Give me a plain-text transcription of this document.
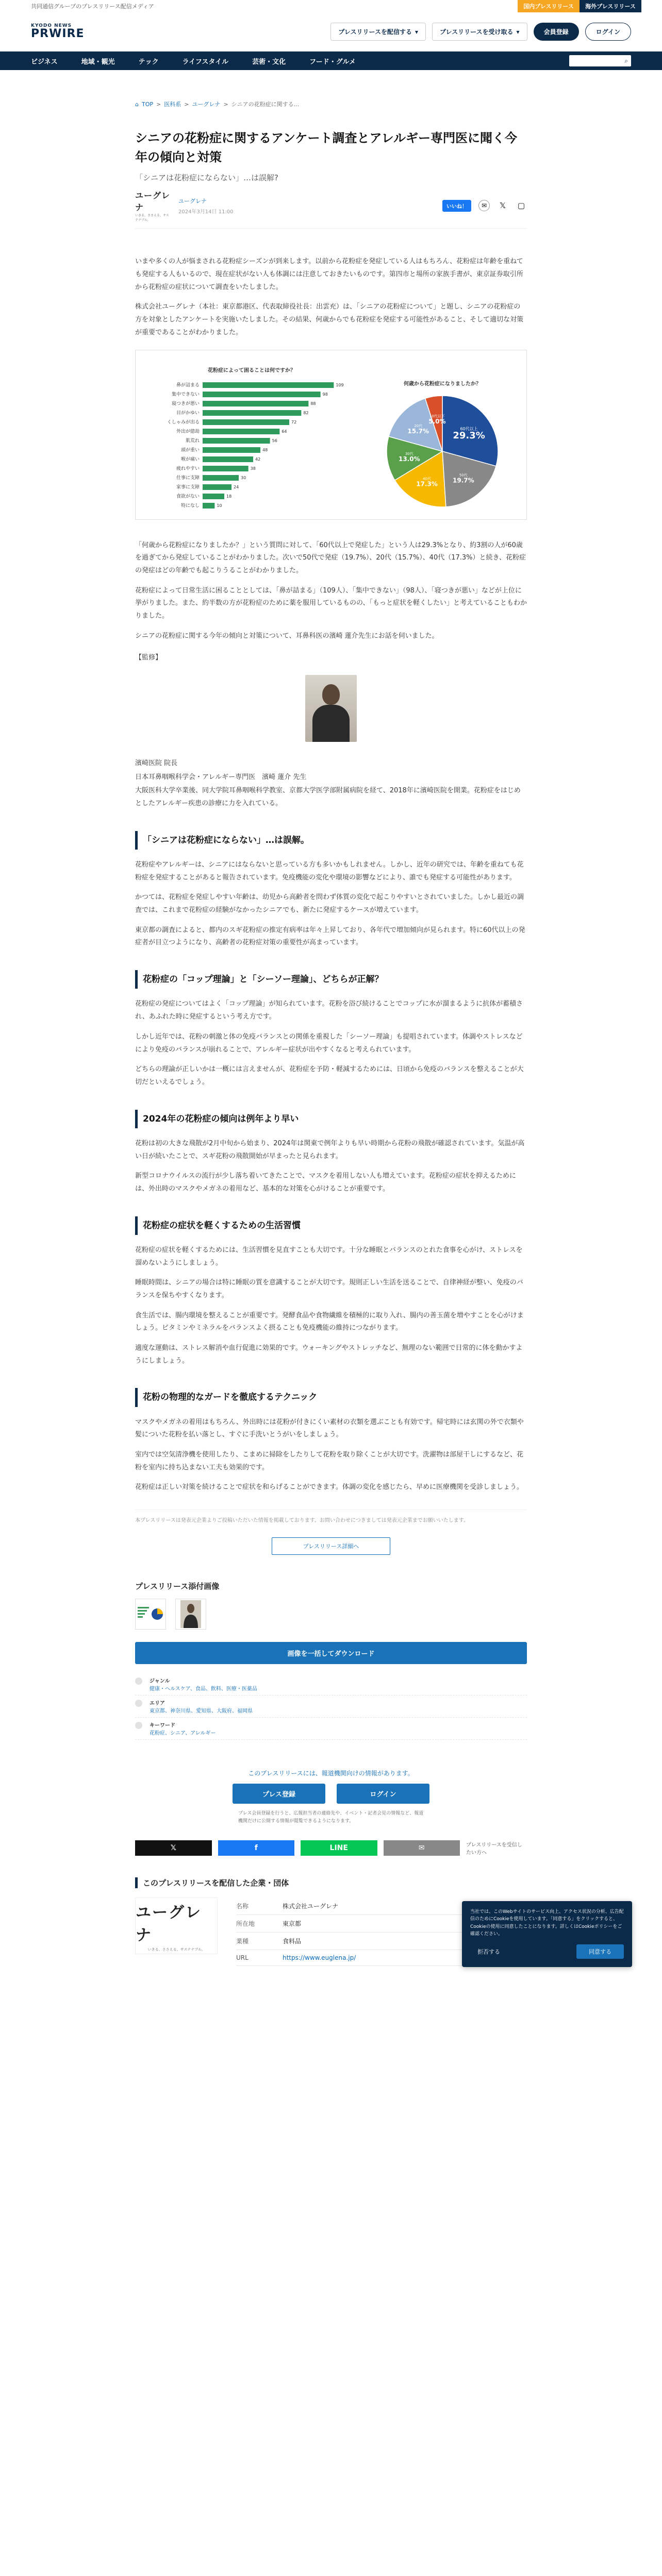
共同通信グループのプレスリリース配信メディア	国内プレスリリース	海外プレスリリース
KYODO NEWS
PRWIRE	プレスリリースを配信する ▾	プレスリリースを受け取る ▾	会員登録	ログイン
ビジネス	地域・観光	テック	ライフスタイル	芸術・文化	フード・グルメ	⌕
⌂ TOP > 医科系 > ユーグレナ > シニアの花粉症に関する...
シニアの花粉症に関するアンケート調査とアレルギー専門医に聞く今年の傾向と対策
「シニアは花粉症にならない」…は誤解?
ユーグレナ
いきる、ささえる、サステナブル。
ユーグレナ
2024年3月14日 11:00
いいね！	✉	𝕏	▢

いまや多くの人が悩まされる花粉症シーズンが到来します。以前から花粉症を発症している人はもちろん、花粉症は年齢を重ねても発症する人もいるので、現在症状がない人も体調には注意しておきたいものです。第四市と場所の家族手書が、東京証券取引所から花粉症の症状について調査をいたしました。

株式会社ユーグレナ（本社：東京都港区、代表取締役社長：出雲充）は、「シニアの花粉症について」と題し、シニアの花粉症の方を対象としたアンケートを実施いたしました。その結果、何歳からでも花粉症を発症する可能性があること、そして適切な対策が重要であることがわかりました。

花粉症によって困ることは何ですか？
鼻が詰まる	109
集中できない	98
寝つきが悪い	88
目がかゆい	82
くしゃみが出る	72
外出が億劫	64
肌荒れ	56
頭が重い	48
喉が痛い	42
疲れやすい	38
仕事に支障	30
家事に支障	24
食欲がない	18
特になし	10
何歳から花粉症になりましたか？
60代以上
29.3%
50代
19.7%
40代
17.3%
30代
13.0%
20代
15.7%
10代以下
5.0%

「何歳から花粉症になりましたか？」という質問に対して、「60代以上で発症した」という人は29.3%となり、約3割の人が60歳を過ぎてから発症していることがわかりました。次いで50代で発症（19.7%）、20代（15.7%）、40代（17.3%）と続き、花粉症の発症はどの年齢でも起こりうることがわかりました。

花粉症によって日常生活に困ることとしては、「鼻が詰まる」（109人）、「集中できない」（98人）、「寝つきが悪い」などが上位に挙がりました。また、約半数の方が花粉症のために薬を服用しているものの、「もっと症状を軽くしたい」と考えていることもわかりました。

シニアの花粉症に関する今年の傾向と対策について、耳鼻科医の濱崎 蓮介先生にお話を伺いました。

【監修】

濱崎医院 院長

日本耳鼻咽喉科学会・アレルギー専門医　濱崎 蓮介 先生

大阪医科大学卒業後、同大学院耳鼻咽喉科学教室、京都大学医学部附属病院を経て、2018年に濱崎医院を開業。花粉症をはじめとしたアレルギー疾患の診療に力を入れている。

「シニアは花粉症にならない」…は誤解。

花粉症やアレルギーは、シニアにはならないと思っている方も多いかもしれません。しかし、近年の研究では、年齢を重ねても花粉症を発症することがあると報告されています。免疫機能の変化や環境の影響などにより、誰でも発症する可能性があります。

かつては、花粉症を発症しやすい年齢は、幼児から高齢者を問わず体質の変化で起こりやすいとされていました。しかし最近の調査では、これまで花粉症の経験がなかったシニアでも、新たに発症するケースが増えています。

東京都の調査によると、都内のスギ花粉症の推定有病率は年々上昇しており、各年代で増加傾向が見られます。特に60代以上の発症者が目立つようになり、高齢者の花粉症対策の重要性が高まっています。

花粉症の「コップ理論」と「シーソー理論」、どちらが正解？

花粉症の発症についてはよく「コップ理論」が知られています。花粉を浴び続けることでコップに水が溜まるように抗体が蓄積され、あふれた時に発症するという考え方です。

しかし近年では、花粉の刺激と体の免疫バランスとの関係を重視した「シーソー理論」も提唱されています。体調やストレスなどにより免疫のバランスが崩れることで、アレルギー症状が出やすくなると考えられています。

どちらの理論が正しいかは一概には言えませんが、花粉症を予防・軽減するためには、日頃から免疫のバランスを整えることが大切だといえるでしょう。

2024年の花粉症の傾向は例年より早い

花粉は初の大きな飛散が2月中旬から始まり、2024年は関東で例年よりも早い時期から花粉の飛散が確認されています。気温が高い日が続いたことで、スギ花粉の飛散開始が早まったと見られます。

新型コロナウイルスの流行が少し落ち着いてきたことで、マスクを着用しない人も増えています。花粉症の症状を抑えるためには、外出時のマスクやメガネの着用など、基本的な対策を心がけることが重要です。

花粉症の症状を軽くするための生活習慣

花粉症の症状を軽くするためには、生活習慣を見直すことも大切です。十分な睡眠とバランスのとれた食事を心がけ、ストレスを溜めないようにしましょう。

睡眠時間は、シニアの場合は特に睡眠の質を意識することが大切です。規則正しい生活を送ることで、自律神経が整い、免疫のバランスを保ちやすくなります。

食生活では、腸内環境を整えることが重要です。発酵食品や食物繊維を積極的に取り入れ、腸内の善玉菌を増やすことを心がけましょう。ビタミンやミネラルをバランスよく摂ることも免疫機能の維持につながります。

適度な運動は、ストレス解消や血行促進に効果的です。ウォーキングやストレッチなど、無理のない範囲で日常的に体を動かすようにしましょう。

花粉の物理的なガードを徹底するテクニック

マスクやメガネの着用はもちろん、外出時には花粉が付きにくい素材の衣類を選ぶことも有効です。帰宅時には玄関の外で衣類や髪についた花粉を払い落とし、すぐに手洗いとうがいをしましょう。

室内では空気清浄機を使用したり、こまめに掃除をしたりして花粉を取り除くことが大切です。洗濯物は部屋干しにするなど、花粉を室内に持ち込まない工夫も効果的です。

花粉症は正しい対策を続けることで症状を和らげることができます。体調の変化を感じたら、早めに医療機関を受診しましょう。

本プレスリリースは発表元企業よりご投稿いただいた情報を掲載しております。お問い合わせにつきましては発表元企業までお願いいたします。
プレスリリース詳細へ
プレスリリース添付画像
画像を一括してダウンロード
ジャンル
健康・ヘルスケア、食品、飲料、医療・医薬品
エリア
東京都、神奈川県、愛知県、大阪府、福岡県
キーワード
花粉症、シニア、アレルギー
このプレスリリースには、報道機関向けの情報があります。
プレス登録	ログイン
プレス会員登録を行うと、広報担当者の連絡先や、イベント・記者会見の情報など、報道機関だけに公開する情報が閲覧できるようになります。
𝕏	f	LINE	✉	プレスリリースを受信したい方へ
このプレスリリースを配信した企業・団体
ユーグレナ
いきる、ささえる、サステナブル。
名称	株式会社ユーグレナ
所在地	東京都
業種	食料品
URL	https://www.euglena.jp/
当社では、このWebサイトのサービス向上、アクセス状況の分析、広告配信のためにCookieを使用しています。「同意する」をクリックすると、Cookieの使用に同意したことになります。詳しくはCookieポリシーをご確認ください。
拒否する	同意する
